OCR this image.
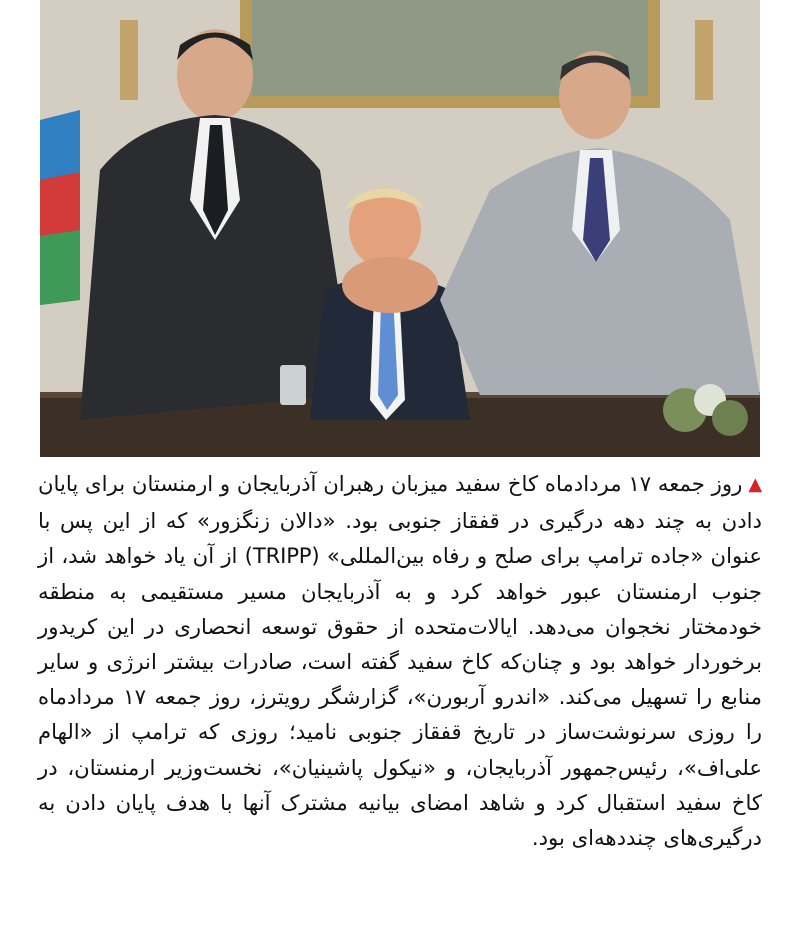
▲روز جمعه ۱۷ مردادماه کاخ سفید میزبان رهبران آذربایجان و ارمنستان برای پایان دادن به چند دهه درگیری در قفقاز جنوبی بود. «دالان زنگزور» که از این پس با عنوان «جاده ترامپ برای صلح و رفاه بین‌المللی» (TRIPP) از آن یاد خواهد شد، از جنوب ارمنستان عبور خواهد کرد و به آذربایجان مسیر مستقیمی به منطقه خودمختار نخجوان می‌دهد. ایالات‌متحده از حقوق توسعه انحصاری در این کریدور برخوردار خواهد بود و چنان‌که کاخ سفید گفته است، صادرات بیشتر انرژی و سایر منابع را تسهیل می‌کند. «اندرو آربورن»، گزارشگر رویترز، روز جمعه ۱۷ مردادماه را روزی سرنوشت‌ساز در تاریخ قفقاز جنوبی نامید؛ روزی که ترامپ از «الهام علی‌اف»، رئیس‌جمهور آذربایجان، و «نیکول پاشینیان»، نخست‌وزیر ارمنستان، در کاخ سفید استقبال کرد و شاهد امضای بیانیه مشترک آنها با هدف پایان دادن به درگیری‌های چنددهه‌ای بود.
